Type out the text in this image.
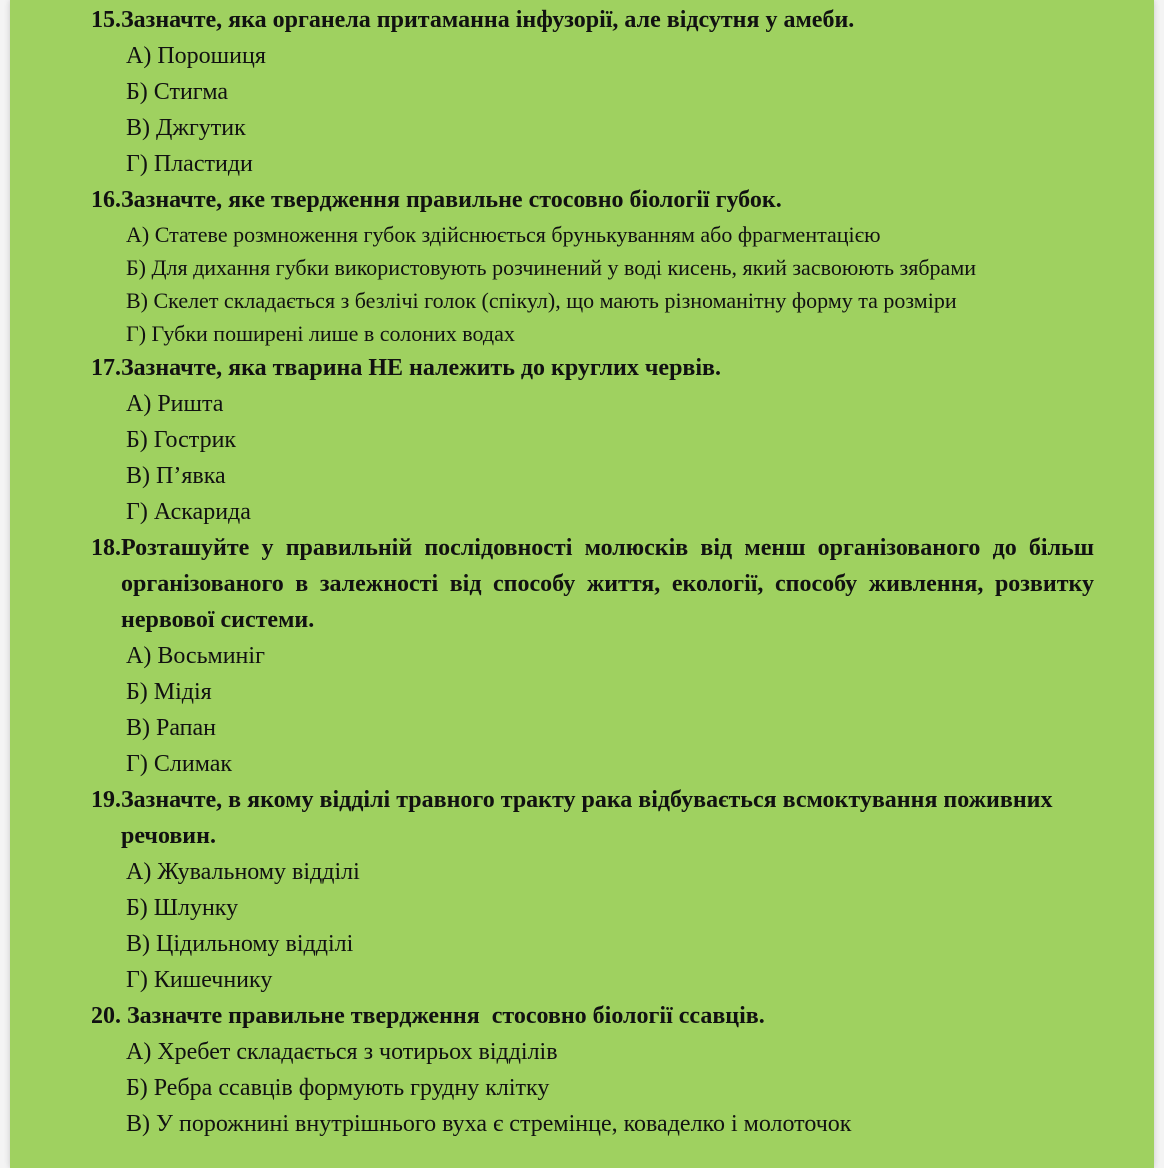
15. Зазначте, яка органела притаманна інфузорії, але відсутня у амеби.
А) Порошиця
Б) Стигма
В) Джгутик
Г) Пластиди
16. Зазначте, яке твердження правильне стосовно біології губок.
А) Статеве розмноження губок здійснюється брунькуванням або фрагментацією
Б) Для дихання губки використовують розчинений у воді кисень, який засвоюють зябрами
В) Скелет складається з безлічі голок (спікул), що мають різноманітну форму та розміри
Г) Губки поширені лише в солоних водах
17. Зазначте, яка тварина НЕ належить до круглих червів.
А) Ришта
Б) Гострик
В) П’явка
Г) Аскарида
18. Розташуйте у правильній послідовності молюсків від менш організованого до більш організованого в залежності від способу життя, екології, способу живлення, розвитку нервової системи.
А) Восьминіг
Б) Мідія
В) Рапан
Г) Слимак
19. Зазначте, в якому відділі травного тракту рака відбувається всмоктування поживних речовин.
А) Жувальному відділі
Б) Шлунку
В) Цідильному відділі
Г) Кишечнику
20. Зазначте правильне твердження  стосовно біології ссавців.
А) Хребет складається з чотирьох відділів
Б) Ребра ссавців формують грудну клітку
В) У порожнині внутрішнього вуха є стремінце, коваделко і молоточок
